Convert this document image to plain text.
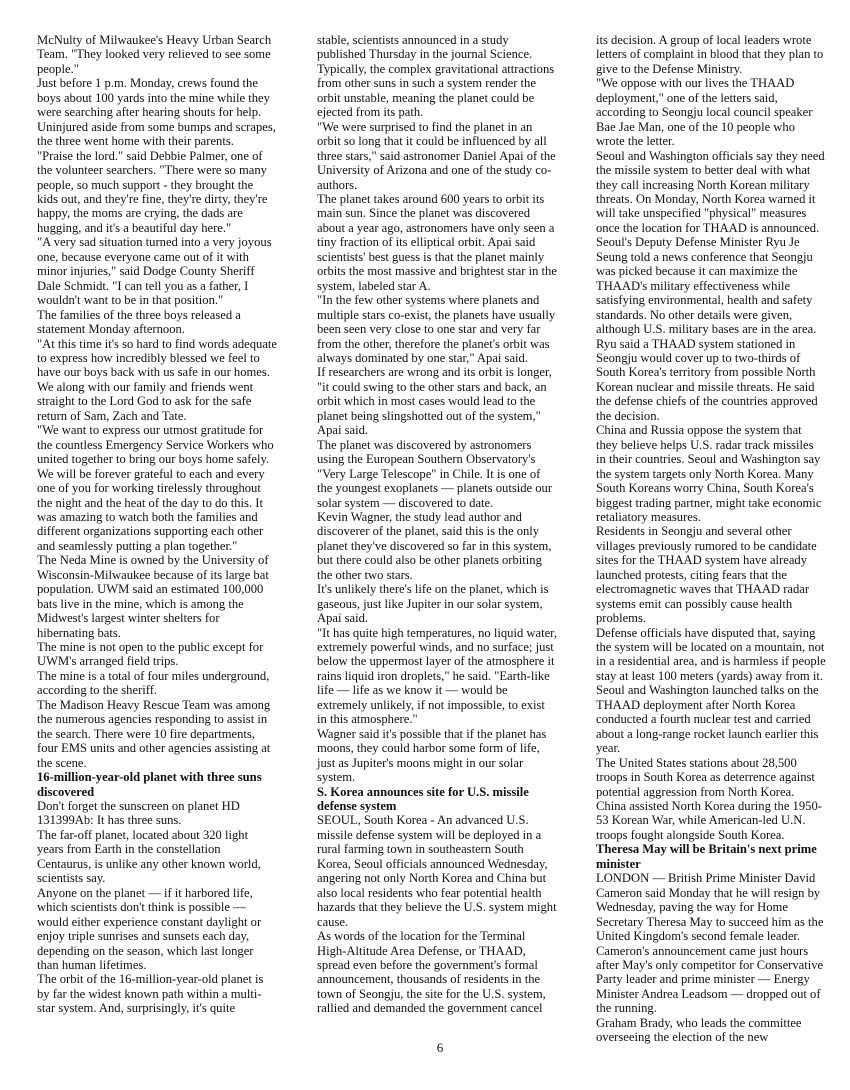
McNulty of Milwaukee's Heavy Urban Search Team. "They looked very relieved to see some people."

Just before 1 p.m. Monday, crews found the boys about 100 yards into the mine while they were searching after hearing shouts for help. Uninjured aside from some bumps and scrapes, the three went home with their parents.

"Praise the lord." said Debbie Palmer, one of the volunteer searchers. "There were so many people, so much support - they brought the kids out, and they're fine, they're dirty, they're happy, the moms are crying, the dads are hugging, and it's a beautiful day here."

"A very sad situation turned into a very joyous one, because everyone came out of it with minor injuries," said Dodge County Sheriff Dale Schmidt. "I can tell you as a father, I wouldn't want to be in that position."

The families of the three boys released a statement Monday afternoon.

"At this time it's so hard to find words adequate to express how incredibly blessed we feel to have our boys back with us safe in our homes. We along with our family and friends went straight to the Lord God to ask for the safe return of Sam, Zach and Tate.

"We want to express our utmost gratitude for the countless Emergency Service Workers who united together to bring our boys home safely. We will be forever grateful to each and every one of you for working tirelessly throughout the night and the heat of the day to do this. It was amazing to watch both the families and different organizations supporting each other and seamlessly putting a plan together."

The Neda Mine is owned by the University of Wisconsin-Milwaukee because of its large bat population. UWM said an estimated 100,000 bats live in the mine, which is among the Midwest's largest winter shelters for hibernating bats.

The mine is not open to the public except for UWM's arranged field trips.

The mine is a total of four miles underground, according to the sheriff.

The Madison Heavy Rescue Team was among the numerous agencies responding to assist in the search. There were 10 fire departments, four EMS units and other agencies assisting at the scene.

16-million-year-old planet with three suns discovered

Don't forget the sunscreen on planet HD 131399Ab: It has three suns.

The far-off planet, located about 320 light years from Earth in the constellation Centaurus, is unlike any other known world, scientists say.

Anyone on the planet — if it harbored life, which scientists don't think is possible — would either experience constant daylight or enjoy triple sunrises and sunsets each day, depending on the season, which last longer than human lifetimes.

The orbit of the 16-million-year-old planet is by far the widest known path within a multi-star system. And, surprisingly, it's quite

stable, scientists announced in a study published Thursday in the journal Science. Typically, the complex gravitational attractions from other suns in such a system render the orbit unstable, meaning the planet could be ejected from its path.

"We were surprised to find the planet in an orbit so long that it could be influenced by all three stars," said astronomer Daniel Apai of the University of Arizona and one of the study co-authors.

The planet takes around 600 years to orbit its main sun. Since the planet was discovered about a year ago, astronomers have only seen a tiny fraction of its elliptical orbit. Apai said scientists' best guess is that the planet mainly orbits the most massive and brightest star in the system, labeled star A.

"In the few other systems where planets and multiple stars co-exist, the planets have usually been seen very close to one star and very far from the other, therefore the planet's orbit was always dominated by one star," Apai said.

If researchers are wrong and its orbit is longer, "it could swing to the other stars and back, an orbit which in most cases would lead to the planet being slingshotted out of the system," Apai said.

The planet was discovered by astronomers using the European Southern Observatory's "Very Large Telescope" in Chile. It is one of the youngest exoplanets — planets outside our solar system — discovered to date.

Kevin Wagner, the study lead author and discoverer of the planet, said this is the only planet they've discovered so far in this system, but there could also be other planets orbiting the other two stars.

It's unlikely there's life on the planet, which is gaseous, just like Jupiter in our solar system, Apai said.

"It has quite high temperatures, no liquid water, extremely powerful winds, and no surface; just below the uppermost layer of the atmosphere it rains liquid iron droplets," he said. "Earth-like life — life as we know it — would be extremely unlikely, if not impossible, to exist in this atmosphere."

Wagner said it's possible that if the planet has moons, they could harbor some form of life, just as Jupiter's moons might in our solar system.

S. Korea announces site for U.S. missile defense system

SEOUL, South Korea - An advanced U.S. missile defense system will be deployed in a rural farming town in southeastern South Korea, Seoul officials announced Wednesday, angering not only North Korea and China but also local residents who fear potential health hazards that they believe the U.S. system might cause.

As words of the location for the Terminal High-Altitude Area Defense, or THAAD, spread even before the government's formal announcement, thousands of residents in the town of Seongju, the site for the U.S. system, rallied and demanded the government cancel

its decision. A group of local leaders wrote letters of complaint in blood that they plan to give to the Defense Ministry.

"We oppose with our lives the THAAD deployment," one of the letters said, according to Seongju local council speaker Bae Jae Man, one of the 10 people who wrote the letter.

Seoul and Washington officials say they need the missile system to better deal with what they call increasing North Korean military threats. On Monday, North Korea warned it will take unspecified "physical" measures once the location for THAAD is announced.

Seoul's Deputy Defense Minister Ryu Je Seung told a news conference that Seongju was picked because it can maximize the THAAD's military effectiveness while satisfying environmental, health and safety standards. No other details were given, although U.S. military bases are in the area.

Ryu said a THAAD system stationed in Seongju would cover up to two-thirds of South Korea's territory from possible North Korean nuclear and missile threats. He said the defense chiefs of the countries approved the decision.

China and Russia oppose the system that they believe helps U.S. radar track missiles in their countries. Seoul and Washington say the system targets only North Korea. Many South Koreans worry China, South Korea's biggest trading partner, might take economic retaliatory measures.

Residents in Seongju and several other villages previously rumored to be candidate sites for the THAAD system have already launched protests, citing fears that the electromagnetic waves that THAAD radar systems emit can possibly cause health problems.

Defense officials have disputed that, saying the system will be located on a mountain, not in a residential area, and is harmless if people stay at least 100 meters (yards) away from it.

Seoul and Washington launched talks on the THAAD deployment after North Korea conducted a fourth nuclear test and carried about a long-range rocket launch earlier this year.

The United States stations about 28,500 troops in South Korea as deterrence against potential aggression from North Korea. China assisted North Korea during the 1950-53 Korean War, while American-led U.N. troops fought alongside South Korea.

Theresa May will be Britain's next prime minister

LONDON — British Prime Minister David Cameron said Monday that he will resign by Wednesday, paving the way for Home Secretary Theresa May to succeed him as the United Kingdom's second female leader.

Cameron's announcement came just hours after May's only competitor for Conservative Party leader and prime minister — Energy Minister Andrea Leadsom — dropped out of the running.

Graham Brady, who leads the committee overseeing the election of the new

6
